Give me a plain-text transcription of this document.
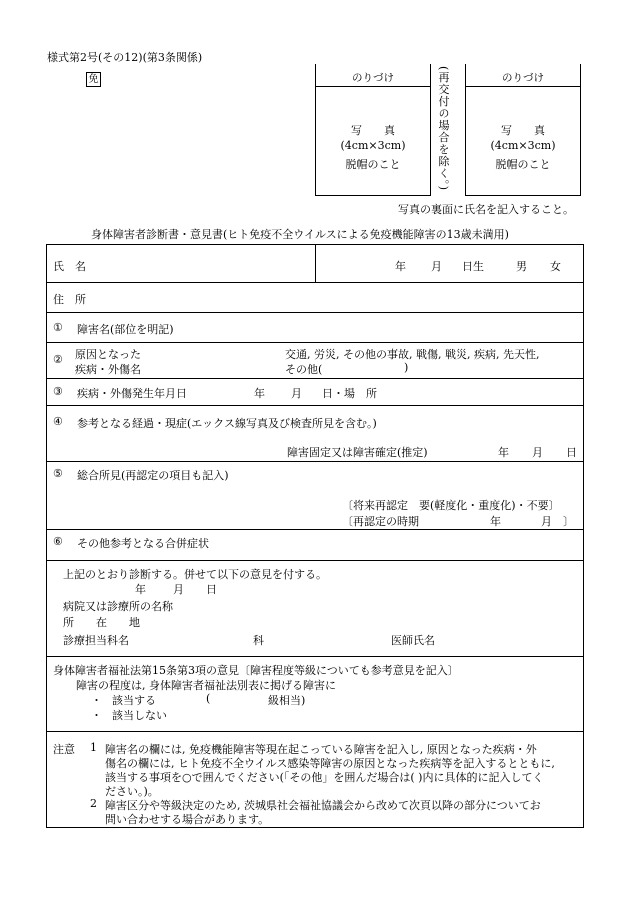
様式第2号(その12)(第3条関係)
免	のりづけ
写　　真
(4cm×3cm)
脱帽のこと	(再交付の場合を除く。)	のりづけ
写　　真
(4cm×3cm)
脱帽のこと
写真の裏面に氏名を記入すること。
身体障害者診断書・意見書(ヒト免疫不全ウイルスによる免疫機能障害の13歳未満用)
氏　名	年 月 日生	男 女
住　所
① 障害名(部位を明記)
② 原因となった
疾病・外傷名
交通, 労災, その他の事故, 戦傷, 戦災, 疾病, 先天性,
その他(	)
③ 疾病・外傷発生年月日	年 月 日・場　所
④ 参考となる経過・現症(エックス線写真及び検査所見を含む。)
障害固定又は障害確定(推定)	年 月 日
⑤ 総合所見(再認定の項目も記入)
〔将来再認定　要(軽度化・重度化)・不要〕
〔再認定の時期	年	月　〕
⑥ その他参考となる合併症状
上記のとおり診断する。併せて以下の意見を付する。
年 月 日
病院又は診療所の名称
所　　在　　地
診療担当科名	科	医師氏名
身体障害者福祉法第15条第3項の意見〔障害程度等級についても参考意見を記入〕
障害の程度は, 身体障害者福祉法別表に掲げる障害に
・ 該当する	(	級相当)
・ 該当しない
注意 1 障害名の欄には, 免疫機能障害等現在起こっている障害を記入し, 原因となった疾病・外
傷名の欄には, ヒト免疫不全ウイルス感染等障害の原因となった疾病等を記入するとともに,
該当する事項を○で囲んでください(「その他」を囲んだ場合は( )内に具体的に記入してく
ださい。)。
2 障害区分や等級決定のため, 茨城県社会福祉協議会から改めて次頁以降の部分についてお
問い合わせする場合があります。
